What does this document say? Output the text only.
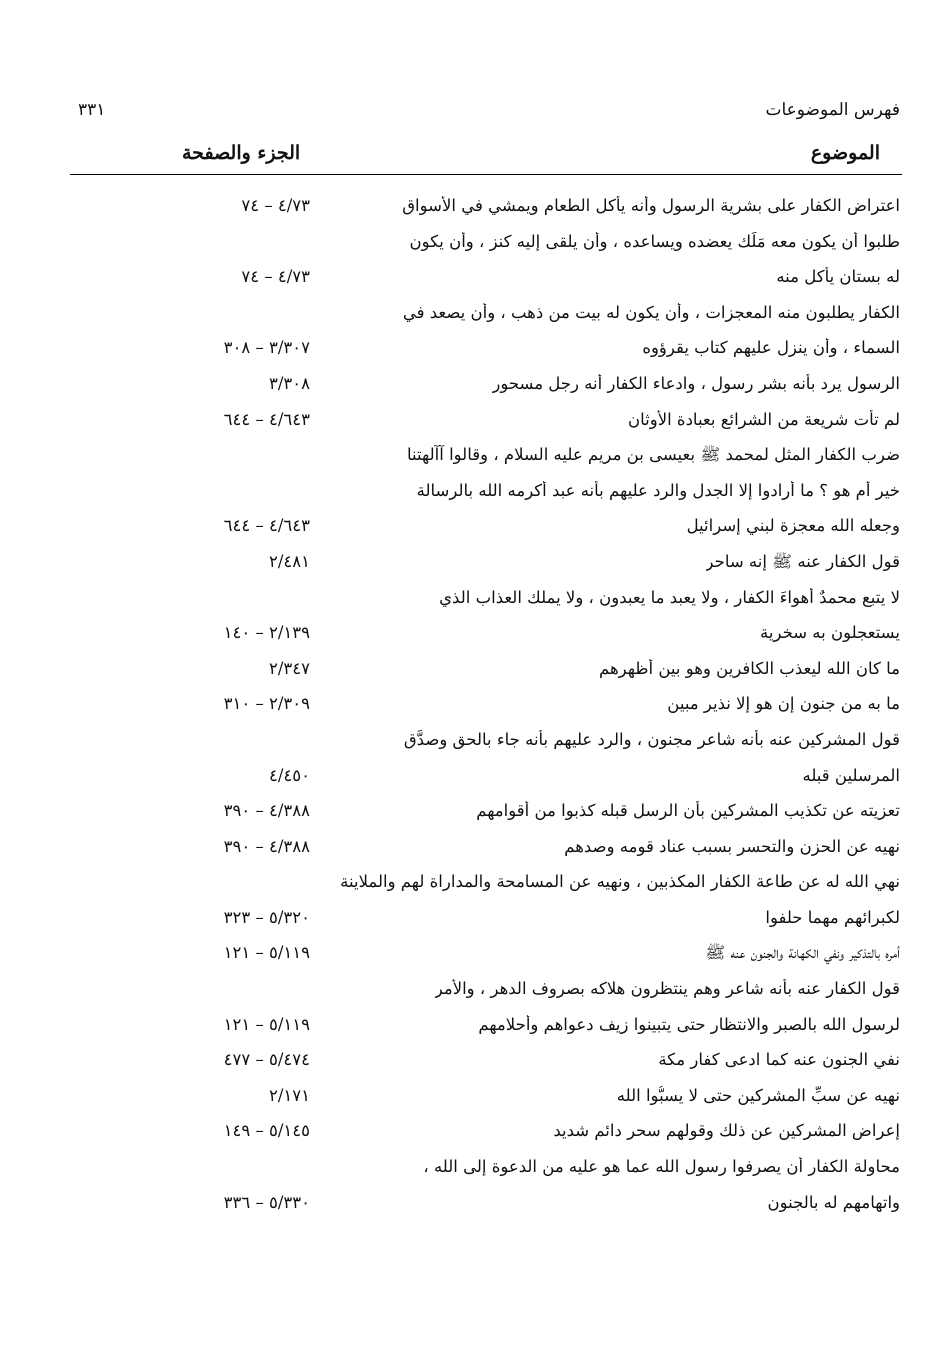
فهرس الموضوعات
٣٣١
الموضوع
الجزء والصفحة
اعتراض الكفار على بشرية الرسول وأنه يأكل الطعام ويمشي في الأسواق
٤/٧٣ – ٧٤
طلبوا أن يكون معه مَلَك يعضده ويساعده ، وأن يلقى إليه كنز ، وأن يكون
له بستان يأكل منه
٤/٧٣ – ٧٤
الكفار يطلبون منه المعجزات ، وأن يكون له بيت من ذهب ، وأن يصعد في
السماء ، وأن ينزل عليهم كتاب يقرؤوه
٣/٣٠٧ – ٣٠٨
الرسول يرد بأنه بشر رسول ، وادعاء الكفار أنه رجل مسحور
٣/٣٠٨
لم تأت شريعة من الشرائع بعبادة الأوثان
٤/٦٤٣ – ٦٤٤
ضرب الكفار المثل لمحمد ﷺ بعيسى بن مريم عليه السلام ، وقالوا آآلهتنا
خير أم هو ؟ ما أرادوا إلا الجدل والرد عليهم بأنه عبد أكرمه الله بالرسالة
وجعله الله معجزة لبني إسرائيل
٤/٦٤٣ – ٦٤٤
قول الكفار عنه ﷺ إنه ساحر
٢/٤٨١
لا يتبع محمدٌ أهواءَ الكفار ، ولا يعبد ما يعبدون ، ولا يملك العذاب الذي
يستعجلون به سخرية
٢/١٣٩ – ١٤٠
ما كان الله ليعذب الكافرين وهو بين أظهرهم
٢/٣٤٧
ما به من جنون إن هو إلا نذير مبين
٢/٣٠٩ – ٣١٠
قول المشركين عنه بأنه شاعر مجنون ، والرد عليهم بأنه جاء بالحق وصدَّق
المرسلين قبله
٤/٤٥٠
تعزيته عن تكذيب المشركين بأن الرسل قبله كذبوا من أقوامهم
٤/٣٨٨ – ٣٩٠
نهيه عن الحزن والتحسر بسبب عناد قومه وصدهم
٤/٣٨٨ – ٣٩٠
نهي الله له عن طاعة الكفار المكذبين ، ونهيه عن المسامحة والمداراة لهم والملاينة
لكبرائهم مهما حلفوا
٥/٣٢٠ – ٣٢٣
أمره بالتذكير ونفي الكهانة والجنون عنه ﷺ
٥/١١٩ – ١٢١
قول الكفار عنه بأنه شاعر وهم ينتظرون هلاكه بصروف الدهر ، والأمر
لرسول الله بالصبر والانتظار حتى يتبينوا زيف دعواهم وأحلامهم
٥/١١٩ – ١٢١
نفي الجنون عنه كما ادعى كفار مكة
٥/٤٧٤ – ٤٧٧
نهيه عن سبِّ المشركين حتى لا يسبُّوا الله
٢/١٧١
إعراض المشركين عن ذلك وقولهم سحر دائم شديد
٥/١٤٥ – ١٤٩
محاولة الكفار أن يصرفوا رسول الله عما هو عليه من الدعوة إلى الله ،
واتهامهم له بالجنون
٥/٣٣٠ – ٣٣٦
